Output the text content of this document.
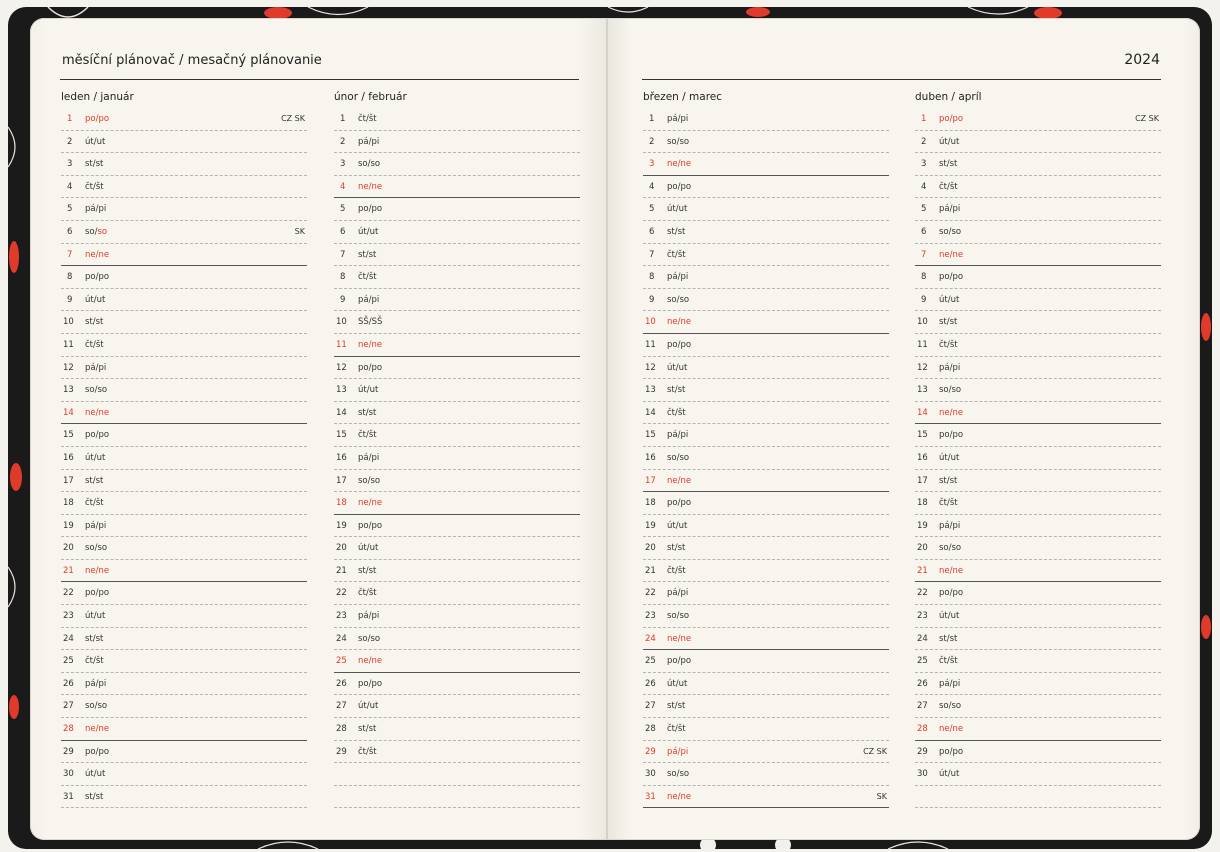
měsíční plánovač / mesačný plánovanie	2024
leden / január
1 po/po	CZ SK
2 út/ut
3 st/st
4 čt/št
5 pá/pi
6 so/so	SK
7 ne/ne
8 po/po
9 út/ut
10 st/st
11 čt/št
12 pá/pi
13 so/so
14 ne/ne
15 po/po
16 út/ut
17 st/st
18 čt/št
19 pá/pi
20 so/so
21 ne/ne
22 po/po
23 út/ut
24 st/st
25 čt/št
26 pá/pi
27 so/so
28 ne/ne
29 po/po
30 út/ut
31 st/st
únor / február
1 čt/št
2 pá/pi
3 so/so
4 ne/ne
5 po/po
6 út/ut
7 st/st
8 čt/št
9 pá/pi
10 SŠ/SŠ
11 ne/ne
12 po/po
13 út/ut
14 st/st
15 čt/št
16 pá/pi
17 so/so
18 ne/ne
19 po/po
20 út/ut
21 st/st
22 čt/št
23 pá/pi
24 so/so
25 ne/ne
26 po/po
27 út/ut
28 st/st
29 čt/št
březen / marec
1 pá/pi
2 so/so
3 ne/ne
4 po/po
5 út/ut
6 st/st
7 čt/št
8 pá/pi
9 so/so
10 ne/ne
11 po/po
12 út/ut
13 st/st
14 čt/št
15 pá/pi
16 so/so
17 ne/ne
18 po/po
19 út/ut
20 st/st
21 čt/št
22 pá/pi
23 so/so
24 ne/ne
25 po/po
26 út/ut
27 st/st
28 čt/št
29 pá/pi	CZ SK
30 so/so
31 ne/ne	SK
duben / apríl
1 po/po	CZ SK
2 út/ut
3 st/st
4 čt/št
5 pá/pi
6 so/so
7 ne/ne
8 po/po
9 út/ut
10 st/st
11 čt/št
12 pá/pi
13 so/so
14 ne/ne
15 po/po
16 út/ut
17 st/st
18 čt/št
19 pá/pi
20 so/so
21 ne/ne
22 po/po
23 út/ut
24 st/st
25 čt/št
26 pá/pi
27 so/so
28 ne/ne
29 po/po
30 út/ut
